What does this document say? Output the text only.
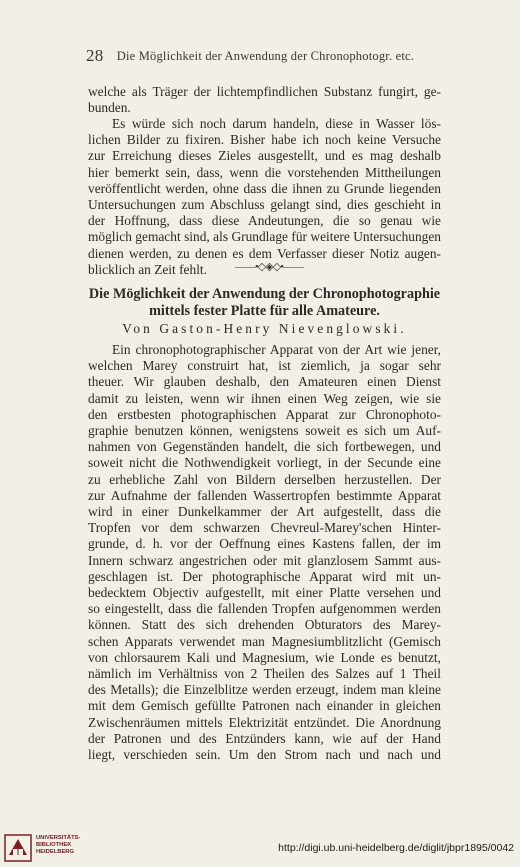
28 Die Möglichkeit der Anwendung der Chronophotogr. etc.
welche als Träger der lichtempfindlichen Substanz fungirt, ge-
bunden.
Es würde sich noch darum handeln, diese in Wasser lös-
lichen Bilder zu fixiren. Bisher habe ich noch keine Versuche
zur Erreichung dieses Zieles ausgestellt, und es mag deshalb
hier bemerkt sein, dass, wenn die vorstehenden Mittheilungen
veröffentlicht werden, ohne dass die ihnen zu Grunde liegenden
Untersuchungen zum Abschluss gelangt sind, dies geschieht in
der Hoffnung, dass diese Andeutungen, die so genau wie
möglich gemacht sind, als Grundlage für weitere Untersuchungen
dienen werden, zu denen es dem Verfasser dieser Notiz augen-
blicklich an Zeit fehlt.	——•◇◈◇•——
Die Möglichkeit der Anwendung der Chronophotographie
mittels fester Platte für alle Amateure.
Von Gaston-Henry Nievenglowski.
Ein chronophotographischer Apparat von der Art wie jener,
welchen Marey construirt hat, ist ziemlich, ja sogar sehr
theuer. Wir glauben deshalb, den Amateuren einen Dienst
damit zu leisten, wenn wir ihnen einen Weg zeigen, wie sie
den erstbesten photographischen Apparat zur Chronophoto-
graphie benutzen können, wenigstens soweit es sich um Auf-
nahmen von Gegenständen handelt, die sich fortbewegen, und
soweit nicht die Nothwendigkeit vorliegt, in der Secunde eine
zu erhebliche Zahl von Bildern derselben herzustellen. Der
zur Aufnahme der fallenden Wassertropfen bestimmte Apparat
wird in einer Dunkelkammer der Art aufgestellt, dass die
Tropfen vor dem schwarzen Chevreul-Marey'schen Hinter-
grunde, d. h. vor der Oeffnung eines Kastens fallen, der im
Innern schwarz angestrichen oder mit glanzlosem Sammt aus-
geschlagen ist. Der photographische Apparat wird mit un-
bedecktem Objectiv aufgestellt, mit einer Platte versehen und
so eingestellt, dass die fallenden Tropfen aufgenommen werden
können. Statt des sich drehenden Obturators des Marey-
schen Apparats verwendet man Magnesiumblitzlicht (Gemisch
von chlorsaurem Kali und Magnesium, wie Londe es benutzt,
nämlich im Verhältniss von 2 Theilen des Salzes auf 1 Theil
des Metalls); die Einzelblitze werden erzeugt, indem man kleine
mit dem Gemisch gefüllte Patronen nach einander in gleichen
Zwischenräumen mittels Elektrizität entzündet. Die Anordnung
der Patronen und des Entzünders kann, wie auf der Hand
liegt, verschieden sein. Um den Strom nach und nach und
UNIVERSITÄTS-
BIBLIOTHEK
HEIDELBERG	http://digi.ub.uni-heidelberg.de/diglit/jbpr1895/0042
